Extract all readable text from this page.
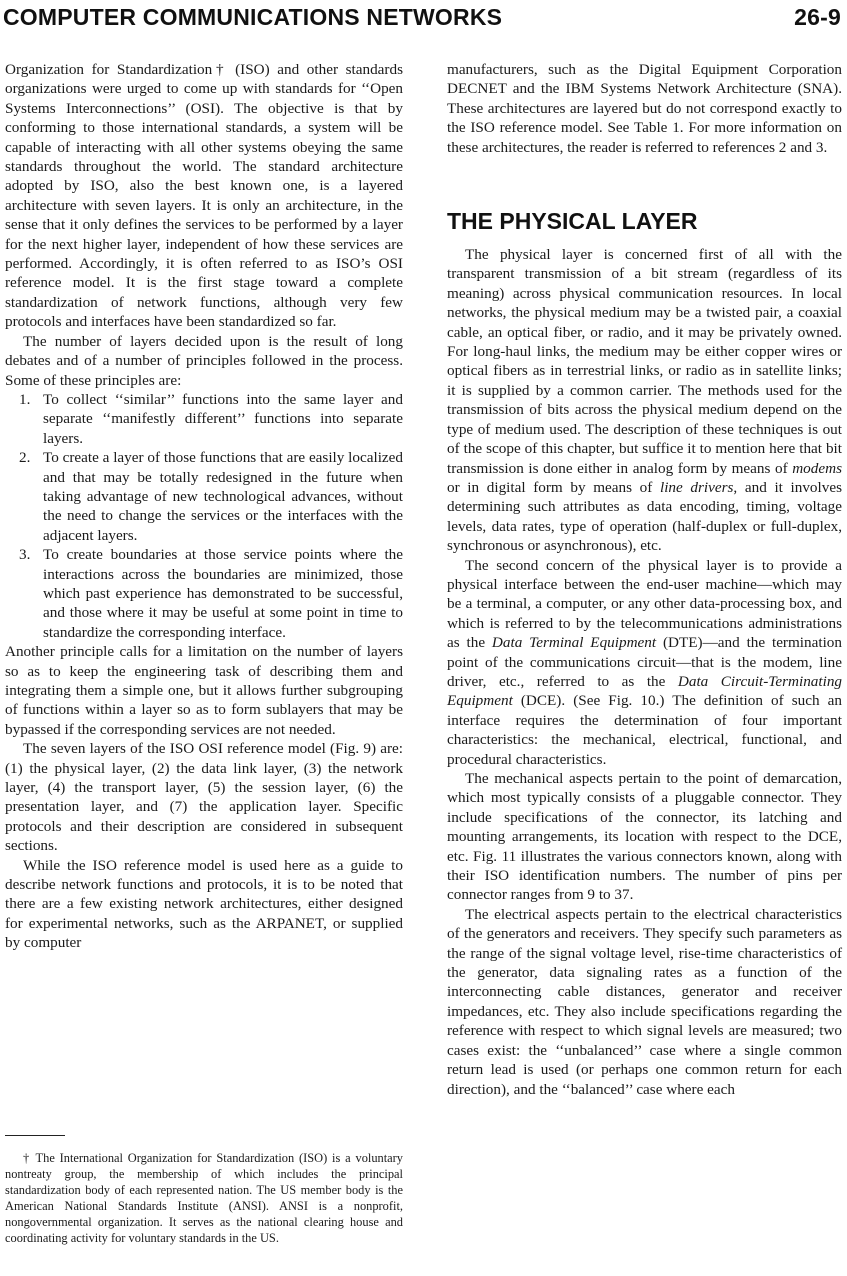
COMPUTER COMMUNICATIONS NETWORKS	26-9

Organization for Standardization† (ISO) and other standards organizations were urged to come up with standards for ‘‘Open Systems Interconnections’’ (OSI). The objective is that by conforming to those international standards, a system will be capable of interacting with all other systems obeying the same standards throughout the world. The standard architecture adopted by ISO, also the best known one, is a layered architecture with seven layers. It is only an architecture, in the sense that it only defines the services to be performed by a layer for the next higher layer, independent of how these services are performed. Accordingly, it is often referred to as ISO’s OSI reference model. It is the first stage toward a complete standardization of network functions, although very few protocols and interfaces have been standardized so far.

The number of layers decided upon is the result of long debates and of a number of principles followed in the process. Some of these principles are:

1. To collect ‘‘similar’’ functions into the same layer and separate ‘‘manifestly different’’ functions into separate layers.
2. To create a layer of those functions that are easily localized and that may be totally redesigned in the future when taking advantage of new technological advances, without the need to change the services or the interfaces with the adjacent layers.
3. To create boundaries at those service points where the interactions across the boundaries are minimized, those which past experience has demonstrated to be successful, and those where it may be useful at some point in time to standardize the corresponding interface.

Another principle calls for a limitation on the number of layers so as to keep the engineering task of describing them and integrating them a simple one, but it allows further subgrouping of functions within a layer so as to form sublayers that may be bypassed if the corresponding services are not needed.

The seven layers of the ISO OSI reference model (Fig. 9) are: (1) the physical layer, (2) the data link layer, (3) the network layer, (4) the transport layer, (5) the session layer, (6) the presentation layer, and (7) the application layer. Specific protocols and their description are considered in subsequent sections.

While the ISO reference model is used here as a guide to describe network functions and protocols, it is to be noted that there are a few existing network architectures, either designed for experimental networks, such as the ARPANET, or supplied by computer

† The International Organization for Standardization (ISO) is a voluntary nontreaty group, the membership of which includes the principal standardization body of each represented nation. The US member body is the American National Standards Institute (ANSI). ANSI is a nonprofit, nongovernmental organization. It serves as the national clearing house and coordinating activity for voluntary standards in the US.

manufacturers, such as the Digital Equipment Corporation DECNET and the IBM Systems Network Architecture (SNA). These architectures are layered but do not correspond exactly to the ISO reference model. See Table 1. For more information on these architectures, the reader is referred to references 2 and 3.

THE PHYSICAL LAYER

The physical layer is concerned first of all with the transparent transmission of a bit stream (regardless of its meaning) across physical communication resources. In local networks, the physical medium may be a twisted pair, a coaxial cable, an optical fiber, or radio, and it may be privately owned. For long-haul links, the medium may be either copper wires or optical fibers as in terrestrial links, or radio as in satellite links; it is supplied by a common carrier. The methods used for the transmission of bits across the physical medium depend on the type of medium used. The description of these techniques is out of the scope of this chapter, but suffice it to mention here that bit transmission is done either in analog form by means of modems or in digital form by means of line drivers, and it involves determining such attributes as data encoding, timing, voltage levels, data rates, type of operation (half-duplex or full-duplex, synchronous or asynchronous), etc.

The second concern of the physical layer is to provide a physical interface between the end-user machine—which may be a terminal, a computer, or any other data-processing box, and which is referred to by the telecommunications administrations as the Data Terminal Equipment (DTE)—and the termination point of the communications circuit—that is the modem, line driver, etc., referred to as the Data Circuit-Terminating Equipment (DCE). (See Fig. 10.) The definition of such an interface requires the determination of four important characteristics: the mechanical, electrical, functional, and procedural characteristics.

The mechanical aspects pertain to the point of demarcation, which most typically consists of a pluggable connector. They include specifications of the connector, its latching and mounting arrangements, its location with respect to the DCE, etc. Fig. 11 illustrates the various connectors known, along with their ISO identification numbers. The number of pins per connector ranges from 9 to 37.

The electrical aspects pertain to the electrical characteristics of the generators and receivers. They specify such parameters as the range of the signal voltage level, rise-time characteristics of the generator, data signaling rates as a function of the interconnecting cable distances, generator and receiver impedances, etc. They also include specifications regarding the reference with respect to which signal levels are measured; two cases exist: the ‘‘unbalanced’’ case where a single common return lead is used (or perhaps one common return for each direction), and the ‘‘balanced’’ case where each
